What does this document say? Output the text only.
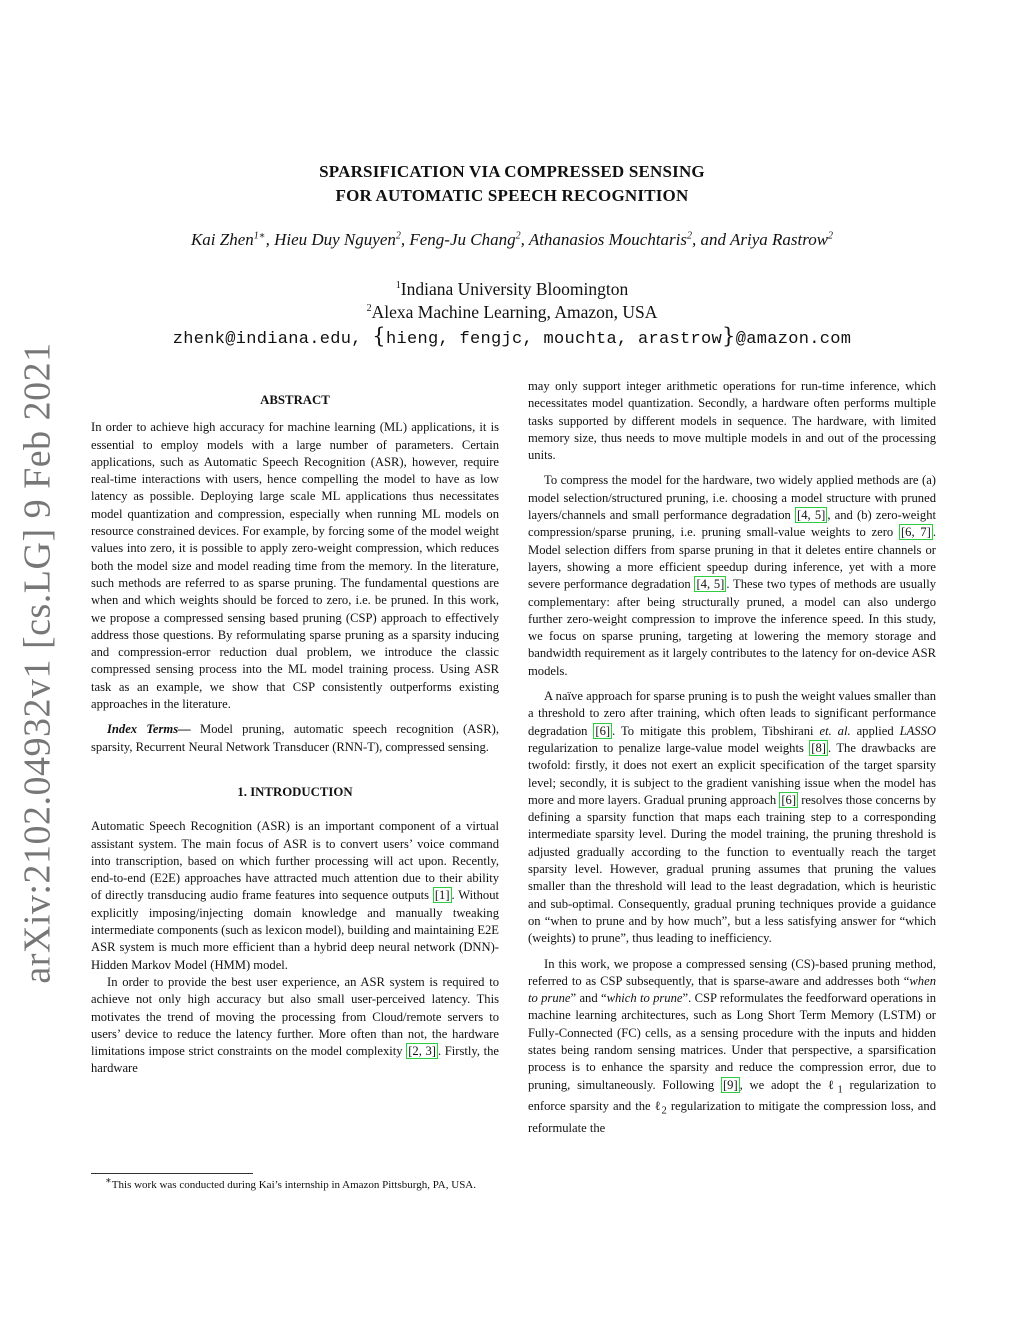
arXiv:2102.04932v1 [cs.LG] 9 Feb 2021
SPARSIFICATION VIA COMPRESSED SENSING
FOR AUTOMATIC SPEECH RECOGNITION
Kai Zhen$^{1∗}$, Hieu Duy Nguyen$^2$, Feng-Ju Chang$^2$, Athanasios Mouchtaris$^2$, and Ariya Rastrow$^2$
$^1$Indiana University Bloomington
$^2$Alexa Machine Learning, Amazon, USA
zhenk@indiana.edu, {hieng, fengjc, mouchta, arastrow}@amazon.com
ABSTRACT

In order to achieve high accuracy for machine learning (ML) applications, it is essential to employ models with a large number of parameters. Certain applications, such as Automatic Speech Recognition (ASR), however, require real-time interactions with users, hence compelling the model to have as low latency as possible. Deploying large scale ML applications thus necessitates model quantization and compression, especially when running ML models on resource constrained devices. For example, by forcing some of the model weight values into zero, it is possible to apply zero-weight compression, which reduces both the model size and model reading time from the memory. In the literature, such methods are referred to as sparse pruning. The fundamental questions are when and which weights should be forced to zero, i.e. be pruned. In this work, we propose a compressed sensing based pruning (CSP) approach to effectively address those questions. By reformulating sparse pruning as a sparsity inducing and compression-error reduction dual problem, we introduce the classic compressed sensing process into the ML model training process. Using ASR task as an example, we show that CSP consistently outperforms existing approaches in the literature.

Index Terms— Model pruning, automatic speech recognition (ASR), sparsity, Recurrent Neural Network Transducer (RNN-T), compressed sensing.

1. INTRODUCTION

Automatic Speech Recognition (ASR) is an important component of a virtual assistant system. The main focus of ASR is to convert users’ voice command into transcription, based on which further processing will act upon. Recently, end-to-end (E2E) approaches have attracted much attention due to their ability of directly transducing audio frame features into sequence outputs [1] . Without explicitly imposing/injecting domain knowledge and manually tweaking intermediate components (such as lexicon model), building and maintaining E2E ASR system is much more efficient than a hybrid deep neural network (DNN)-Hidden Markov Model (HMM) model.

In order to provide the best user experience, an ASR system is required to achieve not only high accuracy but also small user-perceived latency. This motivates the trend of moving the processing from Cloud/remote servers to users’ device to reduce the latency further. More often than not, the hardware limitations impose strict constraints on the model complexity [2, 3] . Firstly, the hardware

∗This work was conducted during Kai’s internship in Amazon Pittsburgh, PA, USA.

may only support integer arithmetic operations for run-time inference, which necessitates model quantization. Secondly, a hardware often performs multiple tasks supported by different models in sequence. The hardware, with limited memory size, thus needs to move multiple models in and out of the processing units.

To compress the model for the hardware, two widely applied methods are (a) model selection/structured pruning, i.e. choosing a model structure with pruned layers/channels and small performance degradation [4, 5] , and (b) zero-weight compression/sparse pruning, i.e. pruning small-value weights to zero [6, 7] . Model selection differs from sparse pruning in that it deletes entire channels or layers, showing a more efficient speedup during inference, yet with a more severe performance degradation [4, 5] . These two types of methods are usually complementary: after being structurally pruned, a model can also undergo further zero-weight compression to improve the inference speed. In this study, we focus on sparse pruning, targeting at lowering the memory storage and bandwidth requirement as it largely contributes to the latency for on-device ASR models.

A naïve approach for sparse pruning is to push the weight values smaller than a threshold to zero after training, which often leads to significant performance degradation [6] . To mitigate this problem, Tibshirani et. al. applied LASSO regularization to penalize large-value model weights [8] . The drawbacks are twofold: firstly, it does not exert an explicit specification of the target sparsity level; secondly, it is subject to the gradient vanishing issue when the model has more and more layers. Gradual pruning approach [6] resolves those concerns by defining a sparsity function that maps each training step to a corresponding intermediate sparsity level. During the model training, the pruning threshold is adjusted gradually according to the function to eventually reach the target sparsity level. However, gradual pruning assumes that pruning the values smaller than the threshold will lead to the least degradation, which is heuristic and sub-optimal. Consequently, gradual pruning techniques provide a guidance on “when to prune and by how much”, but a less satisfying answer for “which (weights) to prune”, thus leading to inefficiency.

In this work, we propose a compressed sensing (CS)-based pruning method, referred to as CSP subsequently, that is sparse-aware and addresses both “when to prune” and “which to prune”. CSP reformulates the feedforward operations in machine learning architectures, such as Long Short Term Memory (LSTM) or Fully-Connected (FC) cells, as a sensing procedure with the inputs and hidden states being random sensing matrices. Under that perspective, a sparsification process is to enhance the sparsity and reduce the compression error, due to pruning, simultaneously. Following [9] , we adopt the ℓ$_1$ regularization to enforce sparsity and the ℓ$_2$ regularization to mitigate the compression loss, and reformulate the
